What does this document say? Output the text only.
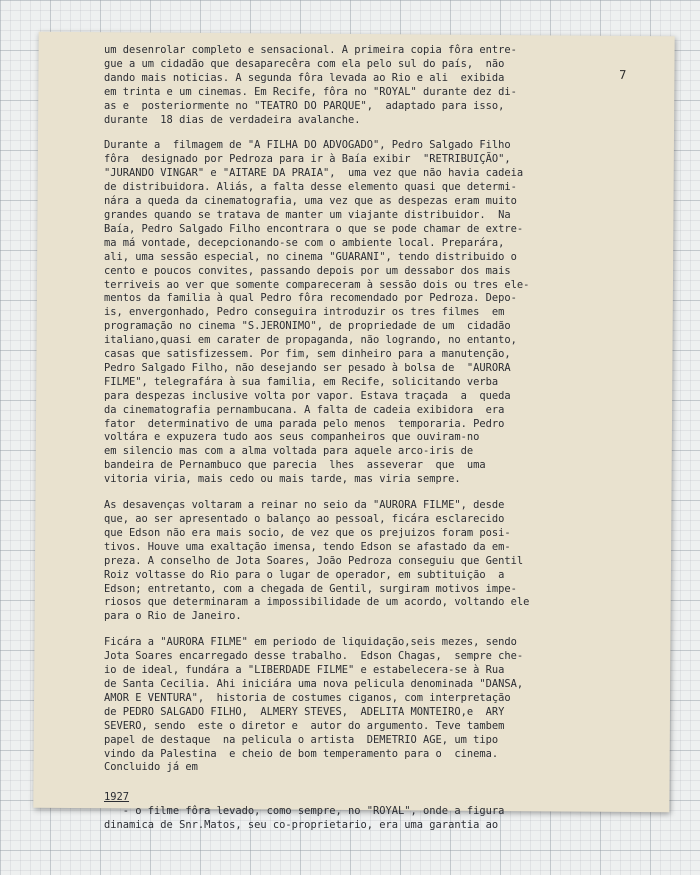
7
um desenrolar completo e sensacional. A primeira copia fôra entre-
gue a um cidadão que desaparecêra com ela pelo sul do país,  não
dando mais noticias. A segunda fôra levada ao Rio e ali  exibida
em trinta e um cinemas. Em Recife, fôra no "ROYAL" durante dez di-
as e  posteriormente no "TEATRO DO PARQUE",  adaptado para isso,
durante  18 dias de verdadeira avalanche.
Durante a  filmagem de "A FILHA DO ADVOGADO", Pedro Salgado Filho
fôra  designado por Pedroza para ir à Baía exibir  "RETRIBUIÇÃO",
"JURANDO VINGAR" e "AITARE DA PRAIA",  uma vez que não havia cadeia
de distribuidora. Aliás, a falta desse elemento quasi que determi-
nára a queda da cinematografia, uma vez que as despezas eram muito
grandes quando se tratava de manter um viajante distribuidor.  Na
Baía, Pedro Salgado Filho encontrara o que se pode chamar de extre-
ma má vontade, decepcionando-se com o ambiente local. Preparára,
ali, uma sessão especial, no cinema "GUARANI", tendo distribuido o
cento e poucos convites, passando depois por um dessabor dos mais
terriveis ao ver que somente compareceram à sessão dois ou tres ele-
mentos da familia à qual Pedro fôra recomendado por Pedroza. Depo-
is, envergonhado, Pedro conseguira introduzir os tres filmes  em
programação no cinema "S.JERONIMO", de propriedade de um  cidadão
italiano,quasi em carater de propaganda, não logrando, no entanto,
casas que satisfizessem. Por fim, sem dinheiro para a manutenção,
Pedro Salgado Filho, não desejando ser pesado à bolsa de  "AURORA
FILME", telegrafára à sua familia, em Recife, solicitando verba
para despezas inclusive volta por vapor. Estava traçada  a  queda
da cinematografia pernambucana. A falta de cadeia exibidora  era
fator  determinativo de uma parada pelo menos  temporaria. Pedro
voltára e expuzera tudo aos seus companheiros que ouviram-no
em silencio mas com a alma voltada para aquele arco-iris de
bandeira de Pernambuco que parecia  lhes  asseverar  que  uma
vitoria viria, mais cedo ou mais tarde, mas viria sempre.
As desavenças voltaram a reinar no seio da "AURORA FILME", desde
que, ao ser apresentado o balanço ao pessoal, ficára esclarecido
que Edson não era mais socio, de vez que os prejuizos foram posi-
tivos. Houve uma exaltação imensa, tendo Edson se afastado da em-
preza. A conselho de Jota Soares, João Pedroza conseguiu que Gentil
Roiz voltasse do Rio para o lugar de operador, em subtituição  a
Edson; entretanto, com a chegada de Gentil, surgiram motivos impe-
riosos que determinaram a impossibilidade de um acordo, voltando ele
para o Rio de Janeiro.
Ficára a "AURORA FILME" em periodo de liquidação,seis mezes, sendo
Jota Soares encarregado desse trabalho.  Edson Chagas,  sempre che-
io de ideal, fundára a "LIBERDADE FILME" e estabelecera-se à Rua
de Santa Cecilia. Ahi iniciára uma nova pelicula denominada "DANSA,
AMOR E VENTURA",  historia de costumes ciganos, com interpretação
de PEDRO SALGADO FILHO,  ALMERY STEVES,  ADELITA MONTEIRO,e  ARY
SEVERO, sendo  este o diretor e  autor do argumento. Teve tambem
papel de destaque  na pelicula o artista  DEMETRIO AGE, um tipo
vindo da Palestina  e cheio de bom temperamento para o  cinema.
Concluido já em
1927
- o filme fôra levado, como sempre, no "ROYAL", onde a figura
dinamica de Snr.Matos, seu co-proprietario, era uma garantia ao
